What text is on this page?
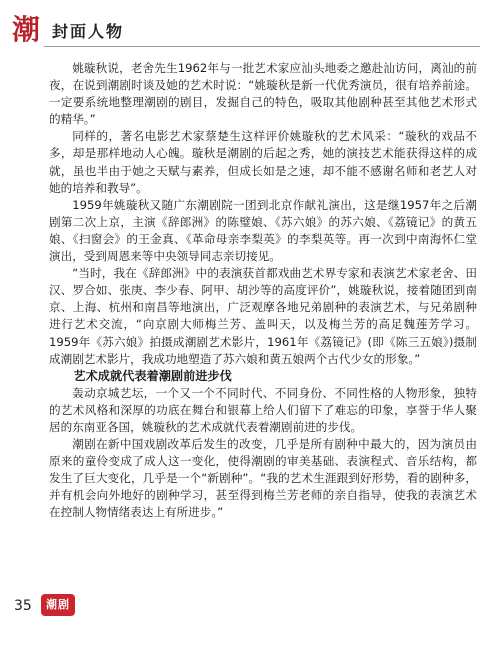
潮 封面人物

姚璇秋说，老舍先生1962年与一批艺术家应汕头地委之邀赴汕访问，离汕的前夜，在说到潮剧时谈及她的艺术时说：“姚璇秋是新一代优秀演员，很有培养前途。一定要系统地整理潮剧的剧目，发掘自己的特色，吸取其他剧种甚至其他艺术形式的精华。”

同样的，著名电影艺术家蔡楚生这样评价姚璇秋的艺术风采：“璇秋的戏品不多，却是那样地动人心魄。璇秋是潮剧的后起之秀，她的演技艺术能获得这样的成就，虽也半由于她之天赋与素养，但成长如是之速，却不能不感谢名师和老艺人对她的培养和教导”。

1959年姚璇秋又随广东潮剧院一团到北京作献礼演出，这是继1957年之后潮剧第二次上京，主演《辞郎洲》的陈璧娘、《苏六娘》的苏六娘、《荔镜记》的黄五娘、《扫窗会》的王金真、《革命母亲李梨英》的李梨英等。再一次到中南海怀仁堂演出，受到周恩来等中央领导同志亲切接见。

“当时，我在《辞郎洲》中的表演获首都戏曲艺术界专家和表演艺术家老舍、田汉、罗合如、张庚、李少春、阿甲、胡沙等的高度评价”，姚璇秋说，接着随团到南京、上海、杭州和南昌等地演出，广泛观摩各地兄弟剧种的表演艺术，与兄弟剧种进行艺术交流，“向京剧大师梅兰芳、盖叫天，以及梅兰芳的高足魏莲芳学习。1959年《苏六娘》拍摄成潮剧艺术影片，1961年《荔镜记》(即《陈三五娘》)摄制成潮剧艺术影片，我成功地塑造了苏六娘和黄五娘两个古代少女的形象。”

艺术成就代表着潮剧前进步伐

轰动京城艺坛，一个又一个不同时代、不同身份、不同性格的人物形象，独特的艺术风格和深厚的功底在舞台和银幕上给人们留下了难忘的印象，享誉于华人聚居的东南亚各国，姚璇秋的艺术成就代表着潮剧前进的步伐。

潮剧在新中国戏剧改革后发生的改变，几乎是所有剧种中最大的，因为演员由原来的童伶变成了成人这一变化，使得潮剧的审美基础、表演程式、音乐结构，都发生了巨大变化，几乎是一个“新剧种”。“我的艺术生涯跟到好形势，看的剧种多，并有机会向外地好的剧种学习，甚至得到梅兰芳老师的亲自指导，使我的表演艺术在控制人物情绪表达上有所进步。”

35	潮剧
